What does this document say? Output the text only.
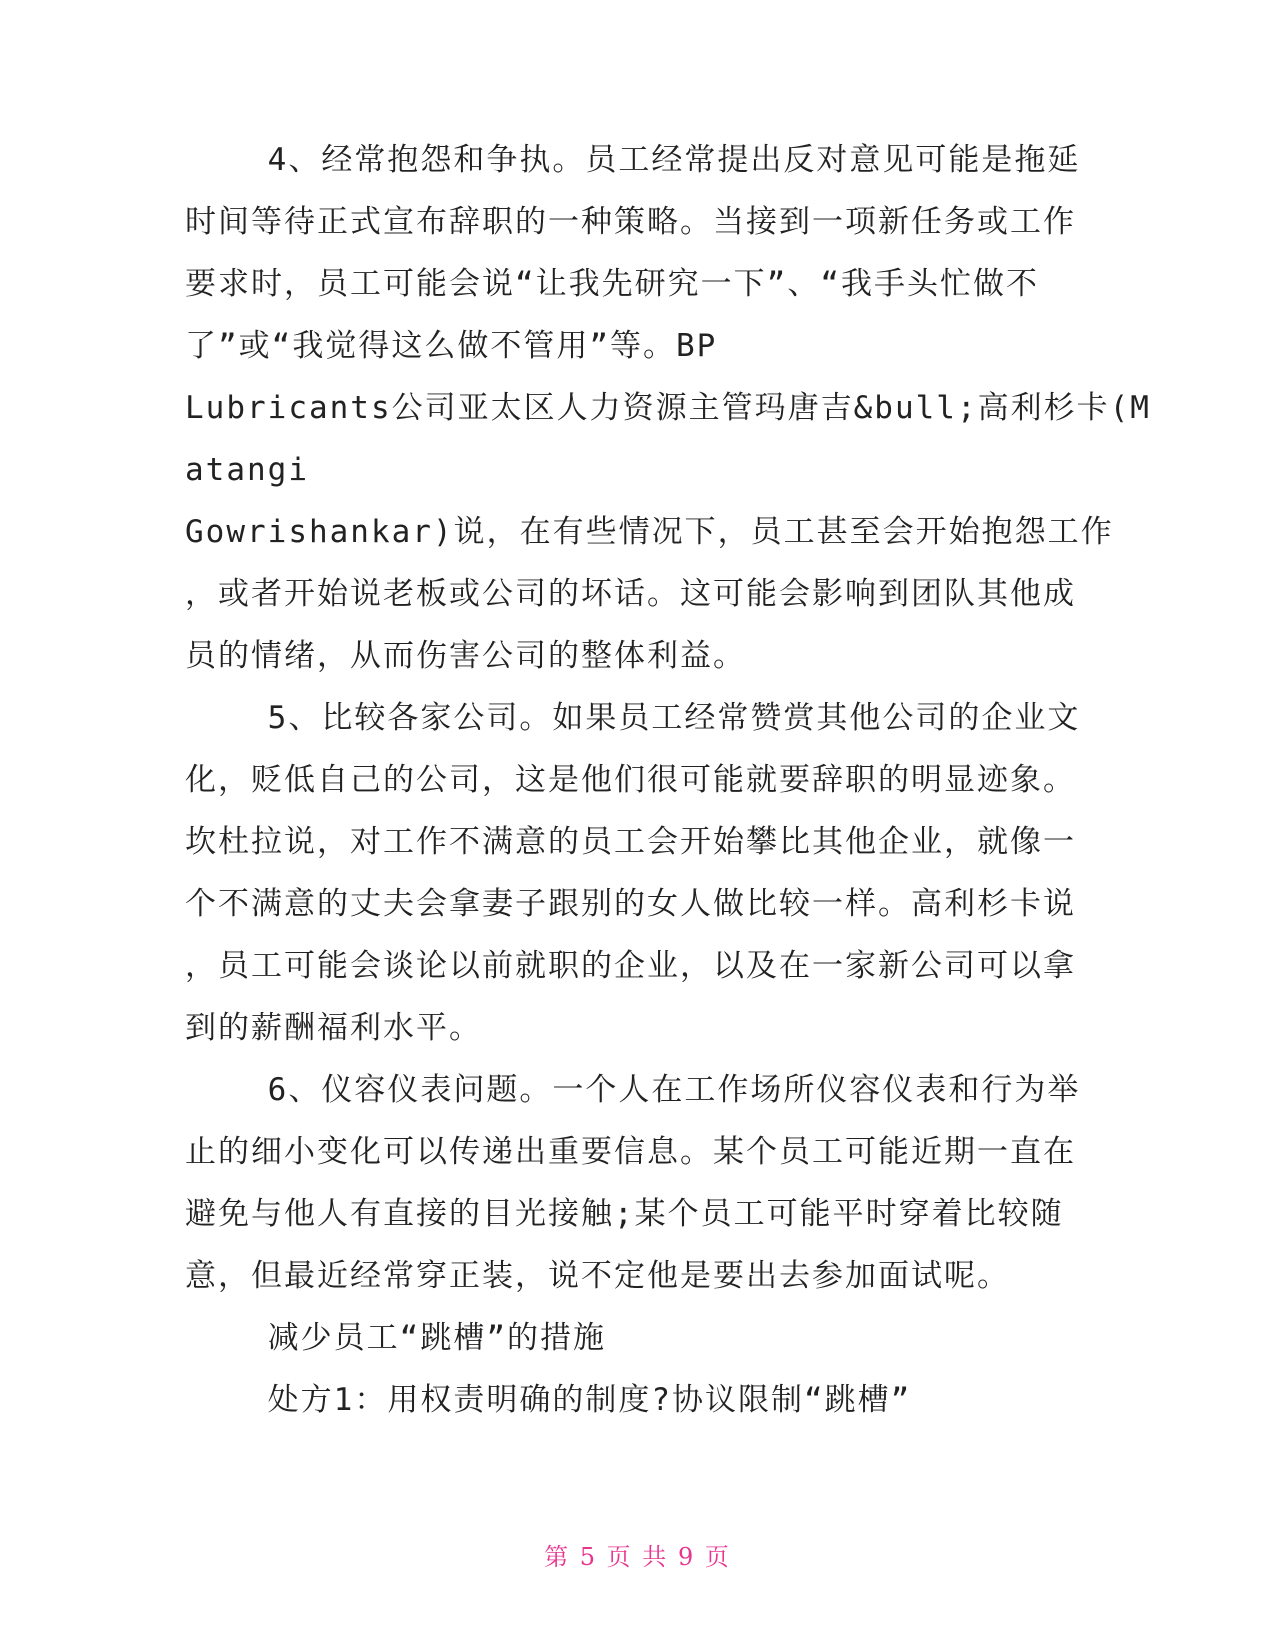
4、经常抱怨和争执。员工经常提出反对意见可能是拖延
时间等待正式宣布辞职的一种策略。当接到一项新任务或工作
要求时，员工可能会说“让我先研究一下”、“我手头忙做不
了”或“我觉得这么做不管用”等。BP
Lubricants公司亚太区人力资源主管玛唐吉&bull;高利杉卡(M
atangi
Gowrishankar)说，在有些情况下，员工甚至会开始抱怨工作
，或者开始说老板或公司的坏话。这可能会影响到团队其他成
员的情绪，从而伤害公司的整体利益。
5、比较各家公司。如果员工经常赞赏其他公司的企业文
化，贬低自己的公司，这是他们很可能就要辞职的明显迹象。
坎杜拉说，对工作不满意的员工会开始攀比其他企业，就像一
个不满意的丈夫会拿妻子跟别的女人做比较一样。高利杉卡说
，员工可能会谈论以前就职的企业，以及在一家新公司可以拿
到的薪酬福利水平。
6、仪容仪表问题。一个人在工作场所仪容仪表和行为举
止的细小变化可以传递出重要信息。某个员工可能近期一直在
避免与他人有直接的目光接触;某个员工可能平时穿着比较随
意，但最近经常穿正装，说不定他是要出去参加面试呢。
减少员工“跳槽”的措施
处方1：用权责明确的制度?协议限制“跳槽”
第 5 页 共 9 页
